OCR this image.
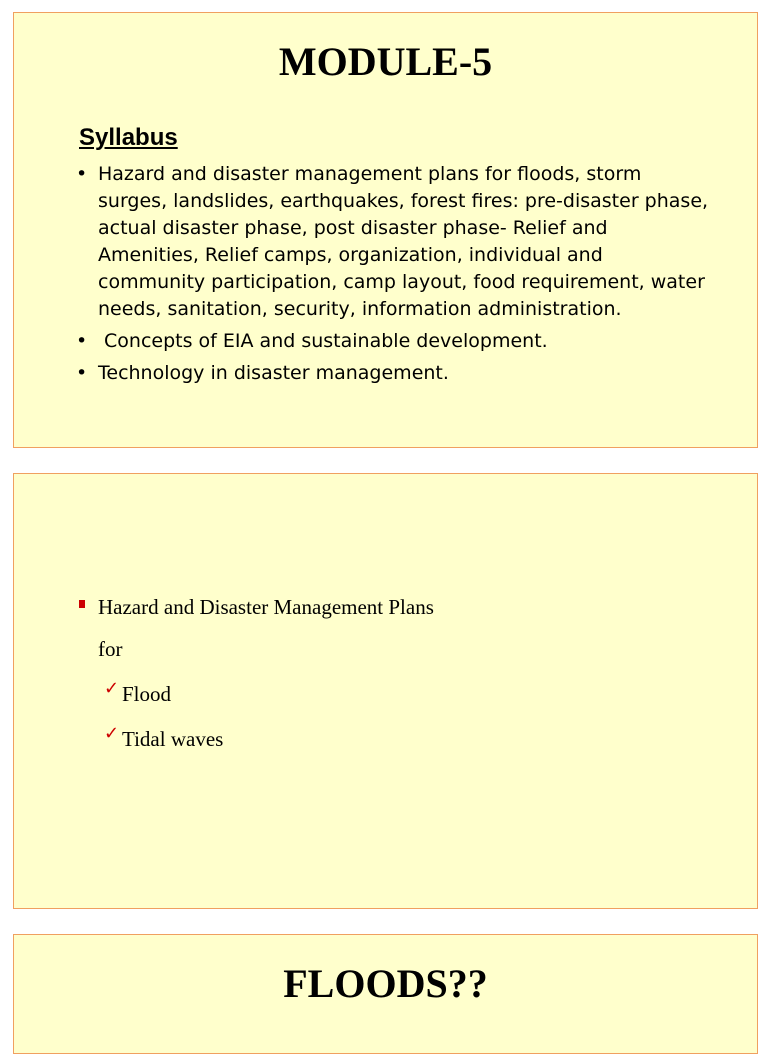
MODULE-5
Syllabus
• Hazard and disaster management plans for floods, storm surges, landslides, earthquakes, forest fires: pre-disaster phase, actual disaster phase, post disaster phase- Relief and Amenities, Relief camps, organization, individual and community participation, camp layout, food requirement, water needs, sanitation, security, information administration.
• Concepts of EIA and sustainable development.
• Technology in disaster management.
Hazard and Disaster Management Plans
for
✓ Flood
✓ Tidal waves
FLOODS??
